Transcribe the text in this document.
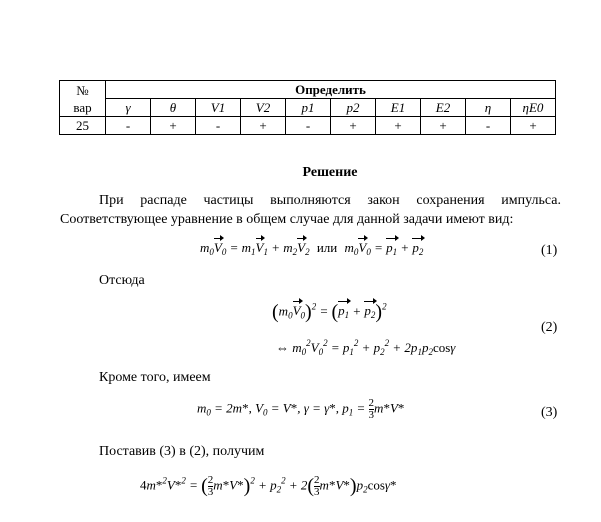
№
вар	Определить									
	γ	θ	V1	V2	p1	p2	E1	E2	η	ηE0
25	-	+	-	+	-	+	+	+	-	+
Решение
При распаде частицы выполняются закон сохранения импульса.
Соответствующее уравнение в общем случае для данной задачи имеют вид:
$m_0V_0 = m_1V_1 + m_2V_2$ или $m_0V_0 = p_1 + p_2$	(1)
Отсюда
$(m_0V_0)^2 = (p_1 + p_2)^2$
(2)
⇔ $m_0^2V_0^2 = p_1^2 + p_2^2 + 2p_1p_2\cos\gamma$
Кроме того, имеем
$m_0 = 2m*$, $V_0 = V*$, γ = γ*, $p_1 = \frac{2}{3} m*V*$	(3)
Поставив (3) в (2), получим
4m*$^2$V*$^2$ = ( $\frac{2}{3} m*V*)^2 + p_2^2 + 2( \frac{2}{3} m*V*)p_2\cos\gamma*$
